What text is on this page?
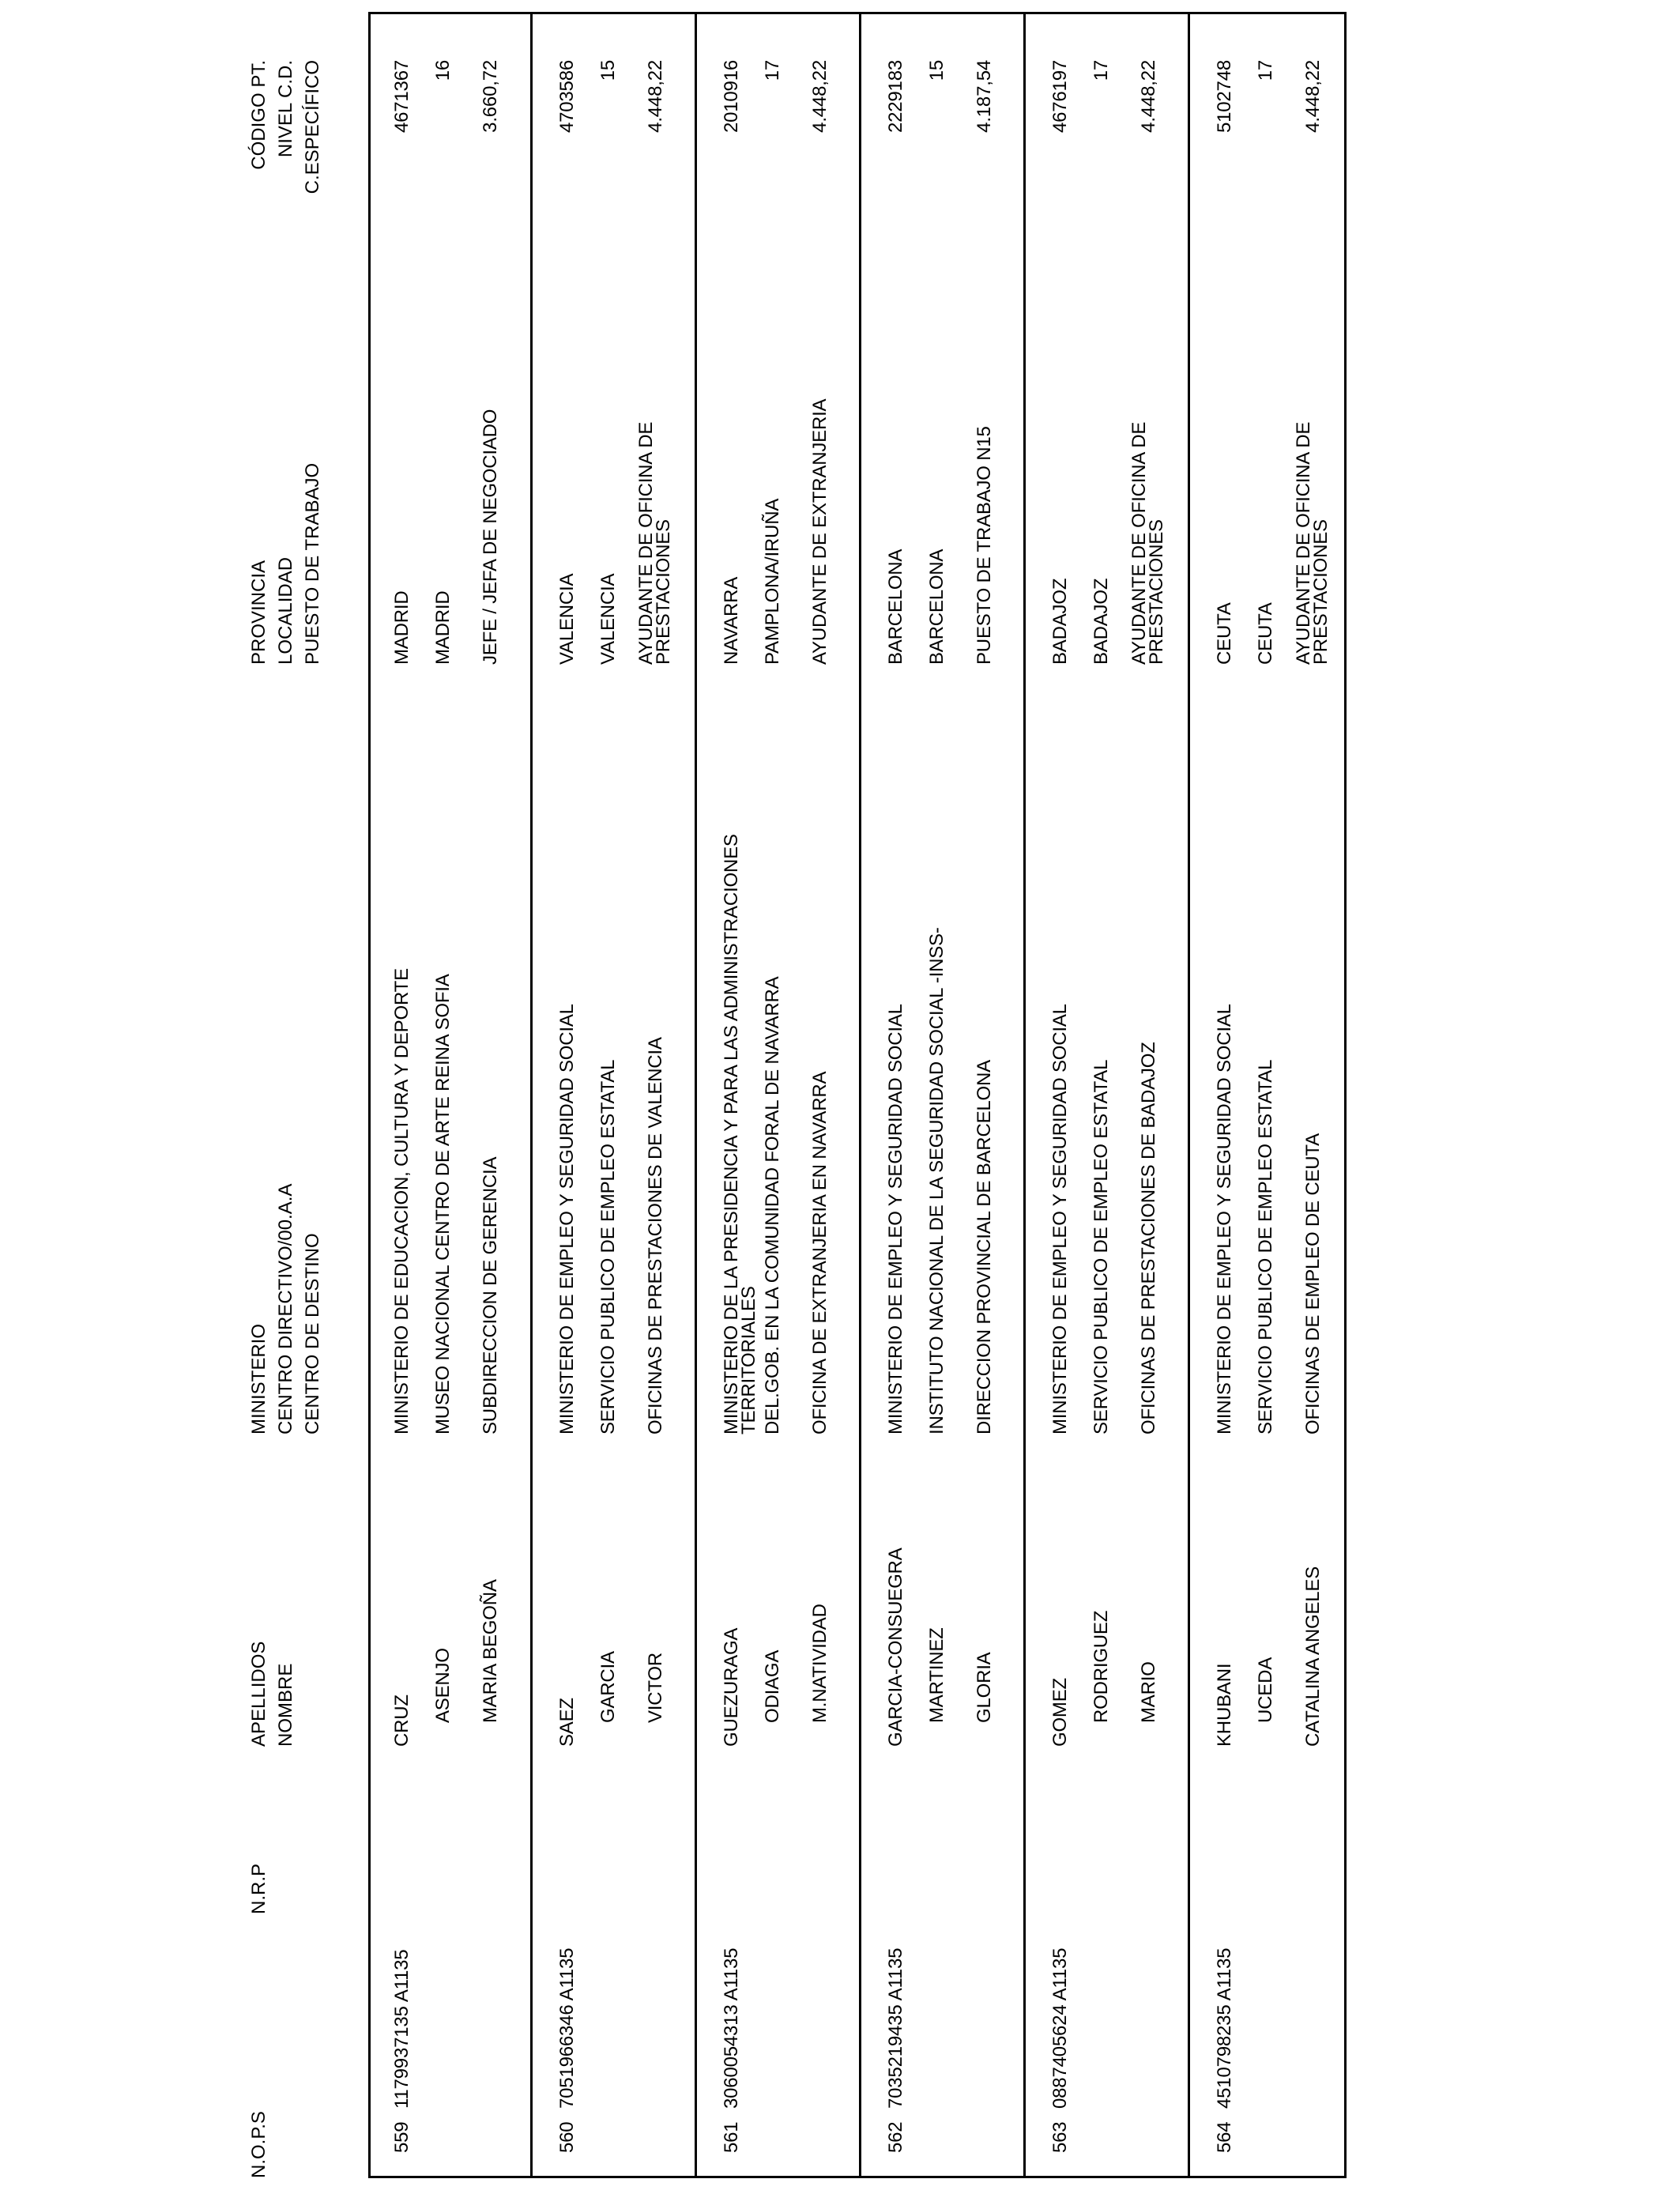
N.O.P.S
N.R.P
APELLIDOS NOMBRE
MINISTERIO CENTRO DIRECTIVO/00.A.A CENTRO DE DESTINO
PROVINCIA LOCALIDAD PUESTO DE TRABAJO
CÓDIGO PT. NIVEL C.D. C.ESPECÍFICO
559
1179937135 A1135
CRUZ ASENJO MARIA BEGOÑA
MINISTERIO DE EDUCACION, CULTURA Y DEPORTE MUSEO NACIONAL CENTRO DE ARTE REINA SOFIA SUBDIRECCION DE GERENCIA
MADRID MADRID JEFE / JEFA DE NEGOCIADO
4671367 16 3.660,72
560
7051966346 A1135
SAEZ GARCIA VICTOR
MINISTERIO DE EMPLEO Y SEGURIDAD SOCIAL SERVICIO PUBLICO DE EMPLEO ESTATAL OFICINAS DE PRESTACIONES DE VALENCIA
VALENCIA VALENCIA AYUDANTE DE OFICINA DE
PRESTACIONES
4703586 15 4.448,22
561
3060054313 A1135
GUEZURAGA ODIAGA M.NATIVIDAD
MINISTERIO DE LA PRESIDENCIA Y PARA LAS ADMINISTRACIONES
TERRITORIALES DEL.GOB. EN LA COMUNIDAD FORAL DE NAVARRA OFICINA DE EXTRANJERIA EN NAVARRA
NAVARRA PAMPLONA/IRUÑA AYUDANTE DE EXTRANJERIA
2010916 17 4.448,22
562
7035219435 A1135
GARCIA-CONSUEGRA MARTINEZ GLORIA
MINISTERIO DE EMPLEO Y SEGURIDAD SOCIAL INSTITUTO NACIONAL DE LA SEGURIDAD SOCIAL -INSS- DIRECCION PROVINCIAL DE BARCELONA
BARCELONA BARCELONA PUESTO DE TRABAJO N15
2229183 15 4.187,54
563
0887405624 A1135
GOMEZ RODRIGUEZ MARIO
MINISTERIO DE EMPLEO Y SEGURIDAD SOCIAL SERVICIO PUBLICO DE EMPLEO ESTATAL OFICINAS DE PRESTACIONES DE BADAJOZ
BADAJOZ BADAJOZ AYUDANTE DE OFICINA DE
PRESTACIONES
4676197 17 4.448,22
564
4510798235 A1135
KHUBANI UCEDA CATALINA ANGELES
MINISTERIO DE EMPLEO Y SEGURIDAD SOCIAL SERVICIO PUBLICO DE EMPLEO ESTATAL OFICINAS DE EMPLEO DE CEUTA
CEUTA CEUTA AYUDANTE DE OFICINA DE
PRESTACIONES
5102748 17 4.448,22
